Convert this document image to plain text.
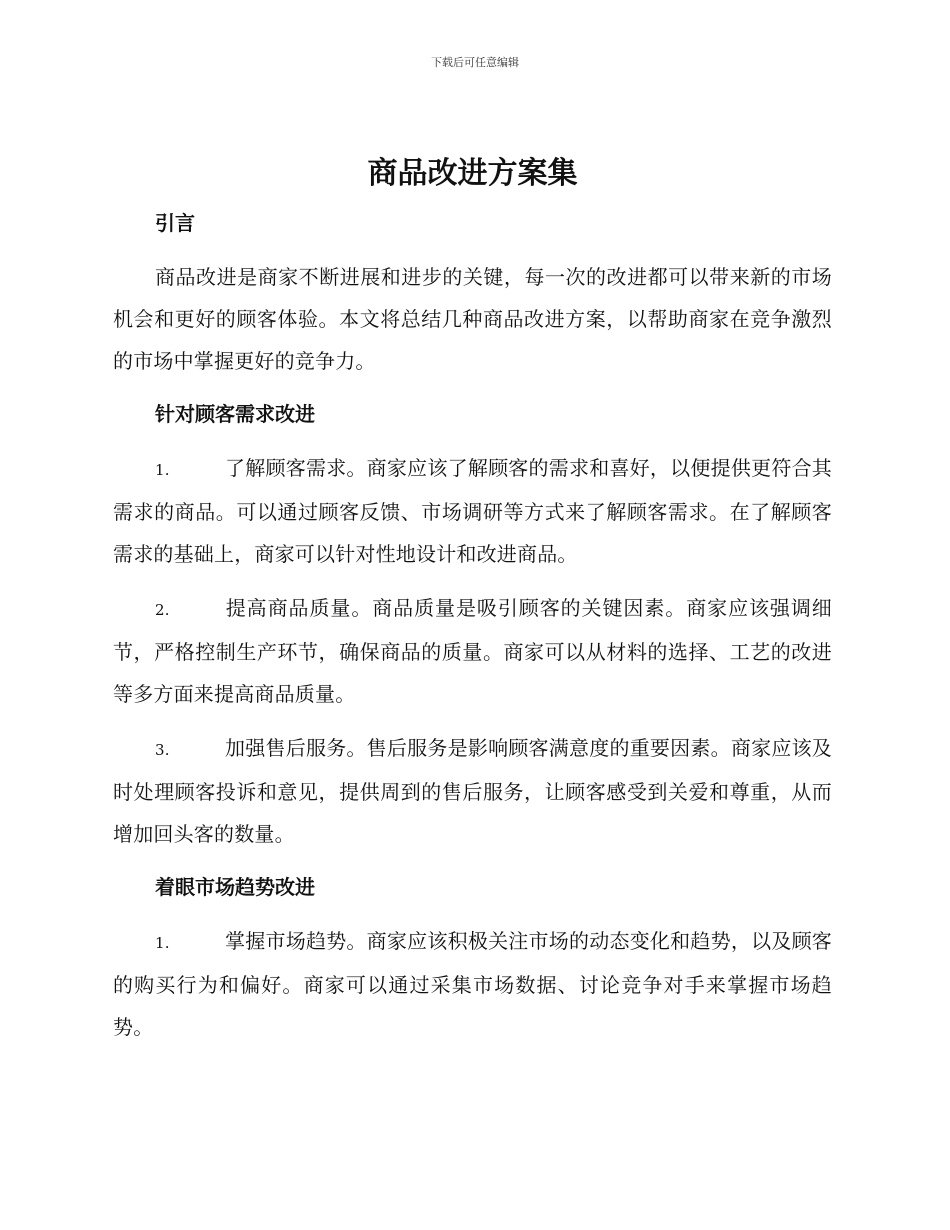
下载后可任意编辑
商品改进方案集
引言

商品改进是商家不断进展和进步的关键，每一次的改进都可以带来新的市场机会和更好的顾客体验。本文将总结几种商品改进方案，以帮助商家在竞争激烈的市场中掌握更好的竞争力。

针对顾客需求改进

1.	了解顾客需求。商家应该了解顾客的需求和喜好，以便提供更符合其需求的商品。可以通过顾客反馈、市场调研等方式来了解顾客需求。在了解顾客需求的基础上，商家可以针对性地设计和改进商品。

2.	提高商品质量。商品质量是吸引顾客的关键因素。商家应该强调细节，严格控制生产环节，确保商品的质量。商家可以从材料的选择、工艺的改进等多方面来提高商品质量。

3.	加强售后服务。售后服务是影响顾客满意度的重要因素。商家应该及时处理顾客投诉和意见，提供周到的售后服务，让顾客感受到关爱和尊重，从而增加回头客的数量。

着眼市场趋势改进

1.	掌握市场趋势。商家应该积极关注市场的动态变化和趋势，以及顾客的购买行为和偏好。商家可以通过采集市场数据、讨论竞争对手来掌握市场趋势。
